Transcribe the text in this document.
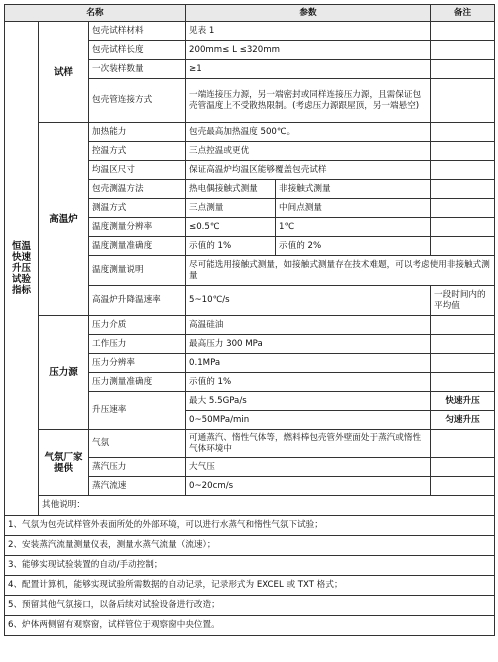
名称			参数		备注
恒温快速升压试验指标	试样	包壳试样材料	见表 1		
		包壳试样长度	200mm≤ L ≤320mm		
		一次装样数量	≥1		
		包壳管连接方式	一端连接压力源，另一端密封或同样连接压力源，且需保证包壳管温度上不受散热限制。(考虑压力源跟屋顶，另一端悬空)		
	高温炉	加热能力	包壳最高加热温度 500℃。		
		控温方式	三点控温或更优		
		均温区尺寸	保证高温炉均温区能够覆盖包壳试样		
		包壳测温方法	热电偶接触式测量	非接触式测量	
		测温方式	三点测量	中间点测量	
		温度测量分辨率	≤0.5℃	1℃	
		温度测量准确度	示值的 1%	示值的 2%	
		温度测量说明	尽可能选用接触式测量，如接触式测量存在技术难题，可以考虑使用非接触式测量		
		高温炉升降温速率	5~10℃/s		一段时间内的平均值
	压力源	压力介质	高温硅油		
		工作压力	最高压力 300 MPa		
		压力分辨率	0.1MPa		
		压力测量准确度	示值的 1%		
		升压速率	最大 5.5GPa/s		快速升压
			0~50MPa/min		匀速升压
	气氛厂家提供	气氛	可通蒸汽、惰性气体等，燃料棒包壳管外壁面处于蒸汽或惰性气体环境中		
		蒸汽压力	大气压		
		蒸汽流速	0~20cm/s		
	其他说明：				
1、气氛为包壳试样管外表面所处的外部环境，可以进行水蒸气和惰性气氛下试验；					
2、安装蒸汽流量测量仪表，测量水蒸气流量（流速）；					
3、能够实现试验装置的自动/手动控制；					
4、配置计算机，能够实现试验所需数据的自动记录，记录形式为 EXCEL 或 TXT 格式；					
5、预留其他气氛接口，以备后续对试验设备进行改造；					
6、炉体两侧留有观察窗，试样管位于观察窗中央位置。					
